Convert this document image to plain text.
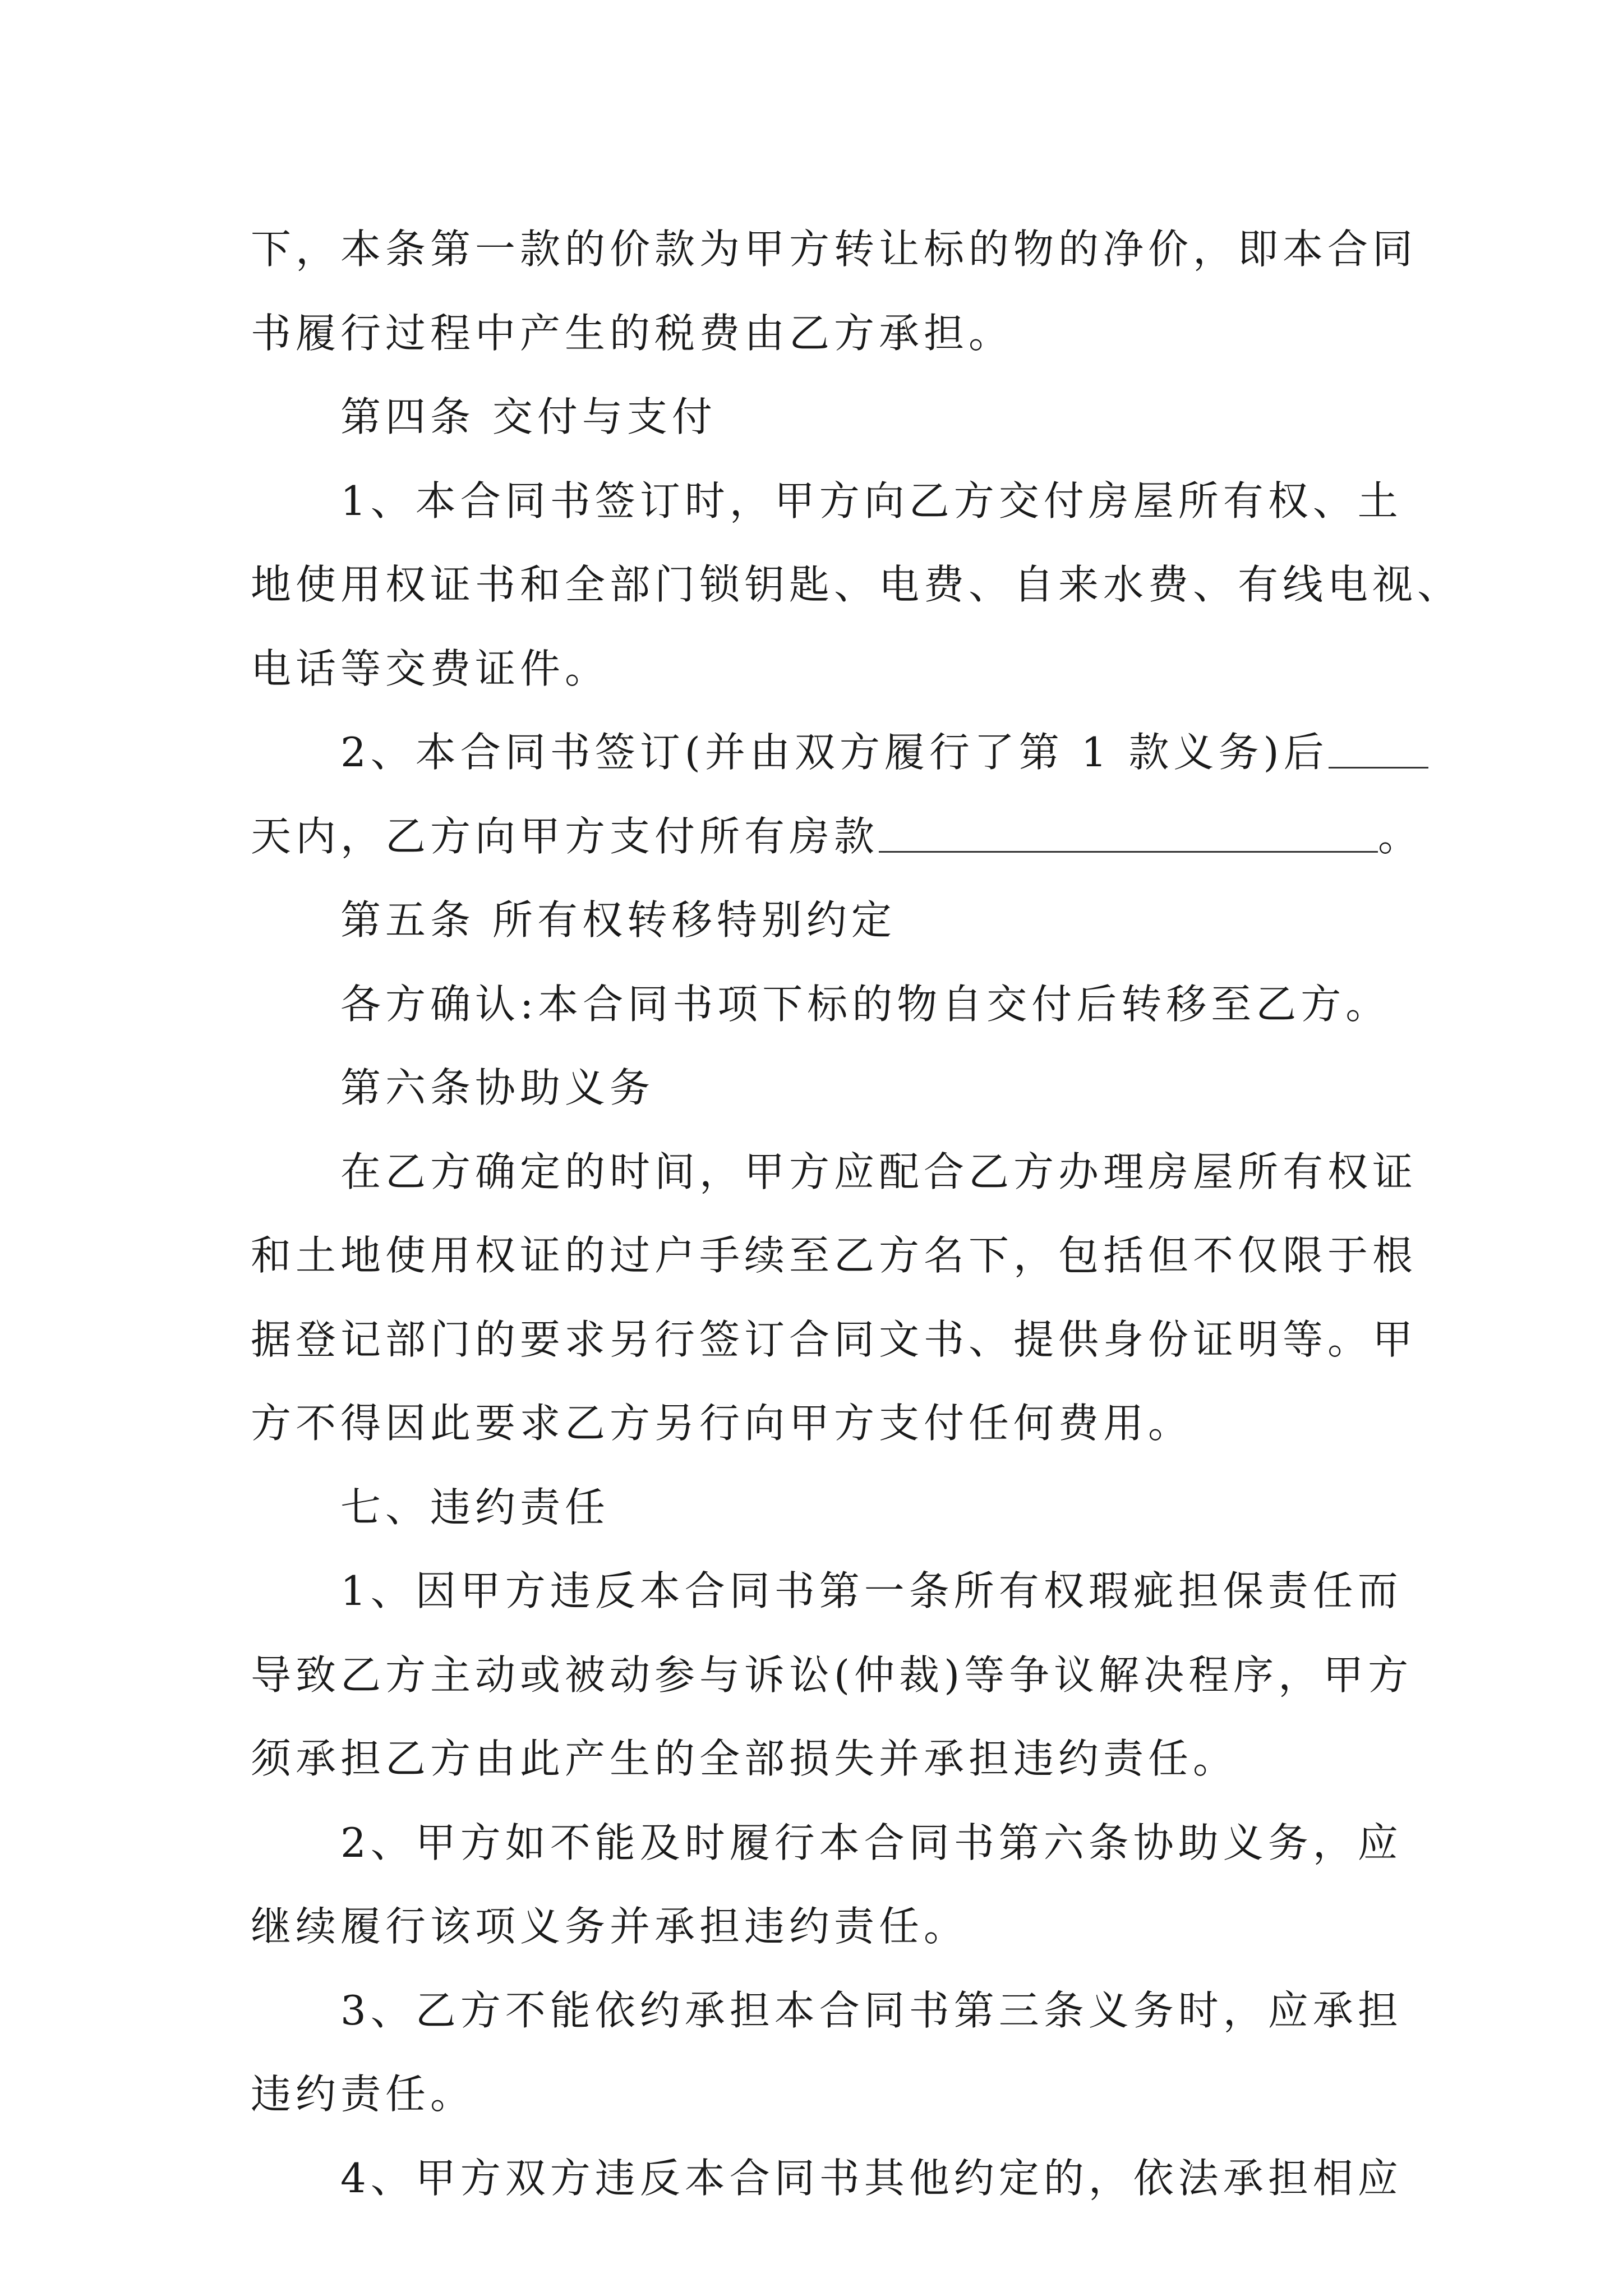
下，本条第一款的价款为甲方转让标的物的净价，即本合同
书履行过程中产生的税费由乙方承担。
第四条 交付与支付
1、本合同书签订时，甲方向乙方交付房屋所有权、土
地使用权证书和全部门锁钥匙、电费、自来水费、有线电视、
电话等交费证件。
2、本合同书签订(并由双方履行了第 1 款义务)后
天内，乙方向甲方支付所有房款	。
第五条 所有权转移特别约定
各方确认:本合同书项下标的物自交付后转移至乙方。
第六条协助义务
在乙方确定的时间，甲方应配合乙方办理房屋所有权证
和土地使用权证的过户手续至乙方名下，包括但不仅限于根
据登记部门的要求另行签订合同文书、提供身份证明等。甲
方不得因此要求乙方另行向甲方支付任何费用。
七、违约责任
1、因甲方违反本合同书第一条所有权瑕疵担保责任而
导致乙方主动或被动参与诉讼(仲裁)等争议解决程序，甲方
须承担乙方由此产生的全部损失并承担违约责任。
2、甲方如不能及时履行本合同书第六条协助义务，应
继续履行该项义务并承担违约责任。
3、乙方不能依约承担本合同书第三条义务时，应承担
违约责任。
4、甲方双方违反本合同书其他约定的，依法承担相应
